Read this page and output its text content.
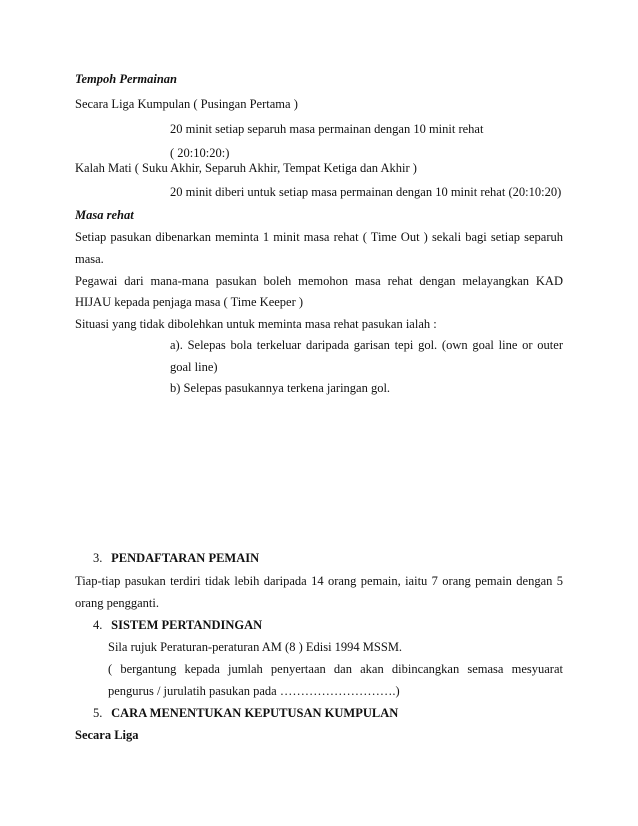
Tempoh Permainan
Secara Liga Kumpulan ( Pusingan Pertama )
20 minit setiap separuh masa permainan dengan 10 minit rehat
( 20:10:20:)
Kalah Mati ( Suku Akhir, Separuh Akhir, Tempat Ketiga dan Akhir )
20 minit diberi untuk setiap masa permainan dengan 10 minit rehat (20:10:20)
Masa rehat
Setiap pasukan dibenarkan meminta 1 minit masa rehat ( Time Out ) sekali bagi setiap separuh
masa.
Pegawai dari mana-mana pasukan boleh memohon masa rehat dengan melayangkan KAD
HIJAU kepada penjaga masa ( Time Keeper )
Situasi yang tidak dibolehkan untuk meminta masa rehat pasukan ialah :
a). Selepas bola terkeluar daripada garisan tepi gol. (own goal line or outer
goal line)
b) Selepas pasukannya terkena jaringan gol.
3. PENDAFTARAN PEMAIN
Tiap-tiap pasukan terdiri tidak lebih daripada 14 orang pemain, iaitu 7 orang pemain dengan 5
orang pengganti.
4. SISTEM PERTANDINGAN
Sila rujuk Peraturan-peraturan AM (8 ) Edisi 1994 MSSM.
( bergantung kepada jumlah penyertaan dan akan dibincangkan semasa mesyuarat
pengurus / jurulatih pasukan pada ……………………….)
5. CARA MENENTUKAN KEPUTUSAN KUMPULAN
Secara Liga
